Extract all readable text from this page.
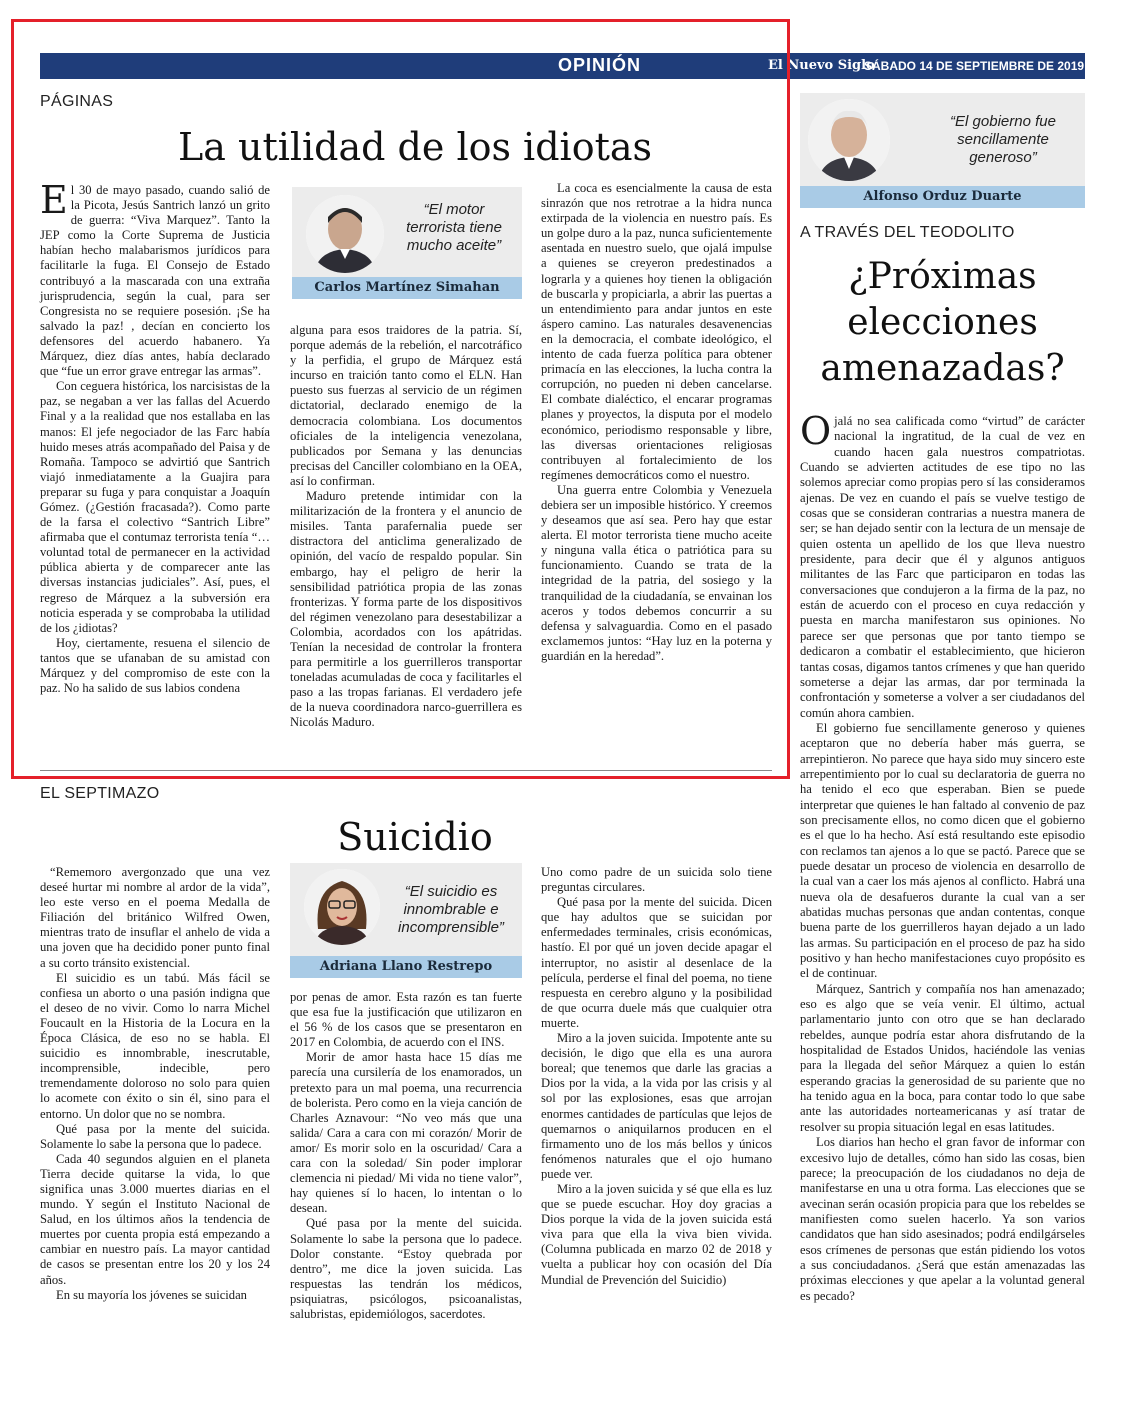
OPINIÓN	El Nuevo Siglo
SÁBADO 14 DE SEPTIEMBRE DE 2019 9A
PÁGINAS
La utilidad de los idiotas

El 30 de mayo pasado, cuando salió de la Picota, Jesús Santrich lanzó un grito de guerra: “Viva Marquez”. Tanto la JEP como la Corte Suprema de Justicia habían hecho malabarismos jurídicos para facilitarle la fuga. El Consejo de Estado contribuyó a la mascarada con una extraña jurisprudencia, según la cual, para ser Congresista no se requiere posesión. ¡Se ha salvado la paz! , decían en concierto los defensores del acuerdo habanero. Ya Márquez, diez días antes, había declarado que “fue un error grave entregar las armas”.

Con ceguera histórica, los narcisistas de la paz, se negaban a ver las fallas del Acuerdo Final y a la realidad que nos estallaba en las manos: El jefe negociador de las Farc había huido meses atrás acompañado del Paisa y de Romaña. Tampoco se advirtió que Santrich viajó inmediatamente a la Guajira para preparar su fuga y para conquistar a Joaquín Gómez. (¿Gestión fracasada?). Como parte de la farsa el colectivo “Santrich Libre” afirmaba que el contumaz terrorista tenía “…voluntad total de permanecer en la actividad pública abierta y de comparecer ante las diversas instancias judiciales”. Así, pues, el regreso de Márquez a la subversión era noticia esperada y se comprobaba la utilidad de los ¿idiotas?

Hoy, ciertamente, resuena el silencio de tantos que se ufanaban de su amistad con Márquez y del compromiso de este con la paz. No ha salido de sus labios condena

“El motor terrorista tiene mucho aceite”
Carlos Martínez Simahan

alguna para esos traidores de la patria. Sí, porque además de la rebelión, el narcotráfico y la perfidia, el grupo de Márquez está incurso en traición tanto como el ELN. Han puesto sus fuerzas al servicio de un régimen dictatorial, declarado enemigo de la democracia colombiana. Los documentos oficiales de la inteligencia venezolana, publicados por Semana y las denuncias precisas del Canciller colombiano en la OEA, así lo confirman.

Maduro pretende intimidar con la militarización de la frontera y el anuncio de misiles. Tanta parafernalia puede ser distractora del anticlima generalizado de opinión, del vacío de respaldo popular. Sin embargo, hay el peligro de herir la sensibilidad patriótica propia de las zonas fronterizas. Y forma parte de los dispositivos del régimen venezolano para desestabilizar a Colombia, acordados con los apátridas. Tenían la necesidad de controlar la frontera para permitirle a los guerrilleros transportar toneladas acumuladas de coca y facilitarles el paso a las tropas farianas. El verdadero jefe de la nueva coordinadora narco-guerrillera es Nicolás Maduro.

La coca es esencialmente la causa de esta sinrazón que nos retrotrae a la hidra nunca extirpada de la violencia en nuestro país. Es un golpe duro a la paz, nunca suficientemente asentada en nuestro suelo, que ojalá impulse a quienes se creyeron predestinados a lograrla y a quienes hoy tienen la obligación de buscarla y propiciarla, a abrir las puertas a un entendimiento para andar juntos en este áspero camino. Las naturales desavenencias en la democracia, el combate ideológico, el intento de cada fuerza política para obtener primacía en las elecciones, la lucha contra la corrupción, no pueden ni deben cancelarse. El combate dialéctico, el encarar programas planes y proyectos, la disputa por el modelo económico, periodismo responsable y libre, las diversas orientaciones religiosas contribuyen al fortalecimiento de los regímenes democráticos como el nuestro.

Una guerra entre Colombia y Venezuela debiera ser un imposible histórico. Y creemos y deseamos que así sea. Pero hay que estar alerta. El motor terrorista tiene mucho aceite y ninguna valla ética o patriótica para su funcionamiento. Cuando se trata de la integridad de la patria, del sosiego y la tranquilidad de la ciudadanía, se envainan los aceros y todos debemos concurrir a su defensa y salvaguardia. Como en el pasado exclamemos juntos: “Hay luz en la poterna y guardián en la heredad”.

EL SEPTIMAZO
Suicidio

“Rememoro avergonzado que una vez deseé hurtar mi nombre al ardor de la vida”, leo este verso en el poema Medalla de Filiación del británico Wilfred Owen, mientras trato de insuflar el anhelo de vida a una joven que ha decidido poner punto final a su corto tránsito existencial.

El suicidio es un tabú. Más fácil se confiesa un aborto o una pasión indigna que el deseo de no vivir. Como lo narra Michel Foucault en la Historia de la Locura en la Época Clásica, de eso no se habla. El suicidio es innombrable, inescrutable, incomprensible, indecible, pero tremendamente doloroso no solo para quien lo acomete con éxito o sin él, sino para el entorno. Un dolor que no se nombra.

Qué pasa por la mente del suicida. Solamente lo sabe la persona que lo padece.

Cada 40 segundos alguien en el planeta Tierra decide quitarse la vida, lo que significa unas 3.000 muertes diarias en el mundo. Y según el Instituto Nacional de Salud, en los últimos años la tendencia de muertes por cuenta propia está empezando a cambiar en nuestro país. La mayor cantidad de casos se presentan entre los 20 y los 24 años.

En su mayoría los jóvenes se suicidan

“El suicidio es innombrable e incomprensible”
Adriana Llano Restrepo

por penas de amor. Esta razón es tan fuerte que esa fue la justificación que utilizaron en el 56 % de los casos que se presentaron en 2017 en Colombia, de acuerdo con el INS.

Morir de amor hasta hace 15 días me parecía una cursilería de los enamorados, un pretexto para un mal poema, una recurrencia de bolerista. Pero como en la vieja canción de Charles Aznavour: “No veo más que una salida/ Cara a cara con mi corazón/ Morir de amor/ Es morir solo en la oscuridad/ Cara a cara con la soledad/ Sin poder implorar clemencia ni piedad/ Mi vida no tiene valor”, hay quienes sí lo hacen, lo intentan o lo desean.

Qué pasa por la mente del suicida. Solamente lo sabe la persona que lo padece. Dolor constante. “Estoy quebrada por dentro”, me dice la joven suicida. Las respuestas las tendrán los médicos, psiquiatras, psicólogos, psicoanalistas, salubristas, epidemiólogos, sacerdotes.

Uno como padre de un suicida solo tiene preguntas circulares.

Qué pasa por la mente del suicida. Dicen que hay adultos que se suicidan por enfermedades terminales, crisis económicas, hastío. El por qué un joven decide apagar el interruptor, no asistir al desenlace de la película, perderse el final del poema, no tiene respuesta en cerebro alguno y la posibilidad de que ocurra duele más que cualquier otra muerte.

Miro a la joven suicida. Impotente ante su decisión, le digo que ella es una aurora boreal; que tenemos que darle las gracias a Dios por la vida, a la vida por las crisis y al sol por las explosiones, esas que arrojan enormes cantidades de partículas que lejos de quemarnos o aniquilarnos producen en el firmamento uno de los más bellos y únicos fenómenos naturales que el ojo humano puede ver.

Miro a la joven suicida y sé que ella es luz que se puede escuchar. Hoy doy gracias a Dios porque la vida de la joven suicida está viva para que ella la viva bien vivida. (Columna publicada en marzo 02 de 2018 y vuelta a publicar hoy con ocasión del Día Mundial de Prevención del Suicidio)

“El gobierno fue sencillamente generoso”
Alfonso Orduz Duarte
A TRAVÉS DEL TEODOLITO
¿Próximas
elecciones
amenazadas?

Ojalá no sea calificada como “virtud” de carácter nacional la ingratitud, de la cual de vez en cuando hacen gala nuestros compatriotas. Cuando se advierten actitudes de ese tipo no las solemos apreciar como propias pero sí las consideramos ajenas. De vez en cuando el país se vuelve testigo de cosas que se consideran contrarias a nuestra manera de ser; se han dejado sentir con la lectura de un mensaje de quien ostenta un apellido de los que lleva nuestro presidente, para decir que él y algunos antiguos militantes de las Farc que participaron en todas las conversaciones que condujeron a la firma de la paz, no están de acuerdo con el proceso en cuya redacción y puesta en marcha manifestaron sus opiniones. No parece ser que personas que por tanto tiempo se dedicaron a combatir el establecimiento, que hicieron tantas cosas, digamos tantos crímenes y que han querido someterse a dejar las armas, dar por terminada la confrontación y someterse a volver a ser ciudadanos del común ahora cambien.

El gobierno fue sencillamente generoso y quienes aceptaron que no debería haber más guerra, se arrepintieron. No parece que haya sido muy sincero este arrepentimiento por lo cual su declaratoria de guerra no ha tenido el eco que esperaban. Bien se puede interpretar que quienes le han faltado al convenio de paz son precisamente ellos, no como dicen que el gobierno es el que lo ha hecho. Así está resultando este episodio con reclamos tan ajenos a lo que se pactó. Parece que se puede desatar un proceso de violencia en desarrollo de la cual van a caer los más ajenos al conflicto. Habrá una nueva ola de desafueros durante la cual van a ser abatidas muchas personas que andan contentas, conque buena parte de los guerrilleros hayan dejado a un lado las armas. Su participación en el proceso de paz ha sido positivo y han hecho manifestaciones cuyo propósito es el de continuar.

Márquez, Santrich y compañía nos han amenazado; eso es algo que se veía venir. El último, actual parlamentario junto con otro que se han declarado rebeldes, aunque podría estar ahora disfrutando de la hospitalidad de Estados Unidos, haciéndole las venias para la llegada del señor Márquez a quien lo están esperando gracias la generosidad de su pariente que no ha tenido agua en la boca, para contar todo lo que sabe ante las autoridades norteamericanas y así tratar de resolver su propia situación legal en esas latitudes.

Los diarios han hecho el gran favor de informar con excesivo lujo de detalles, cómo han sido las cosas, bien parece; la preocupación de los ciudadanos no deja de manifestarse en una u otra forma. Las elecciones que se avecinan serán ocasión propicia para que los rebeldes se manifiesten como suelen hacerlo. Ya son varios candidatos que han sido asesinados; podrá endilgárseles esos crímenes de personas que están pidiendo los votos a sus conciudadanos. ¿Será que están amenazadas las próximas elecciones y que apelar a la voluntad general es pecado?
